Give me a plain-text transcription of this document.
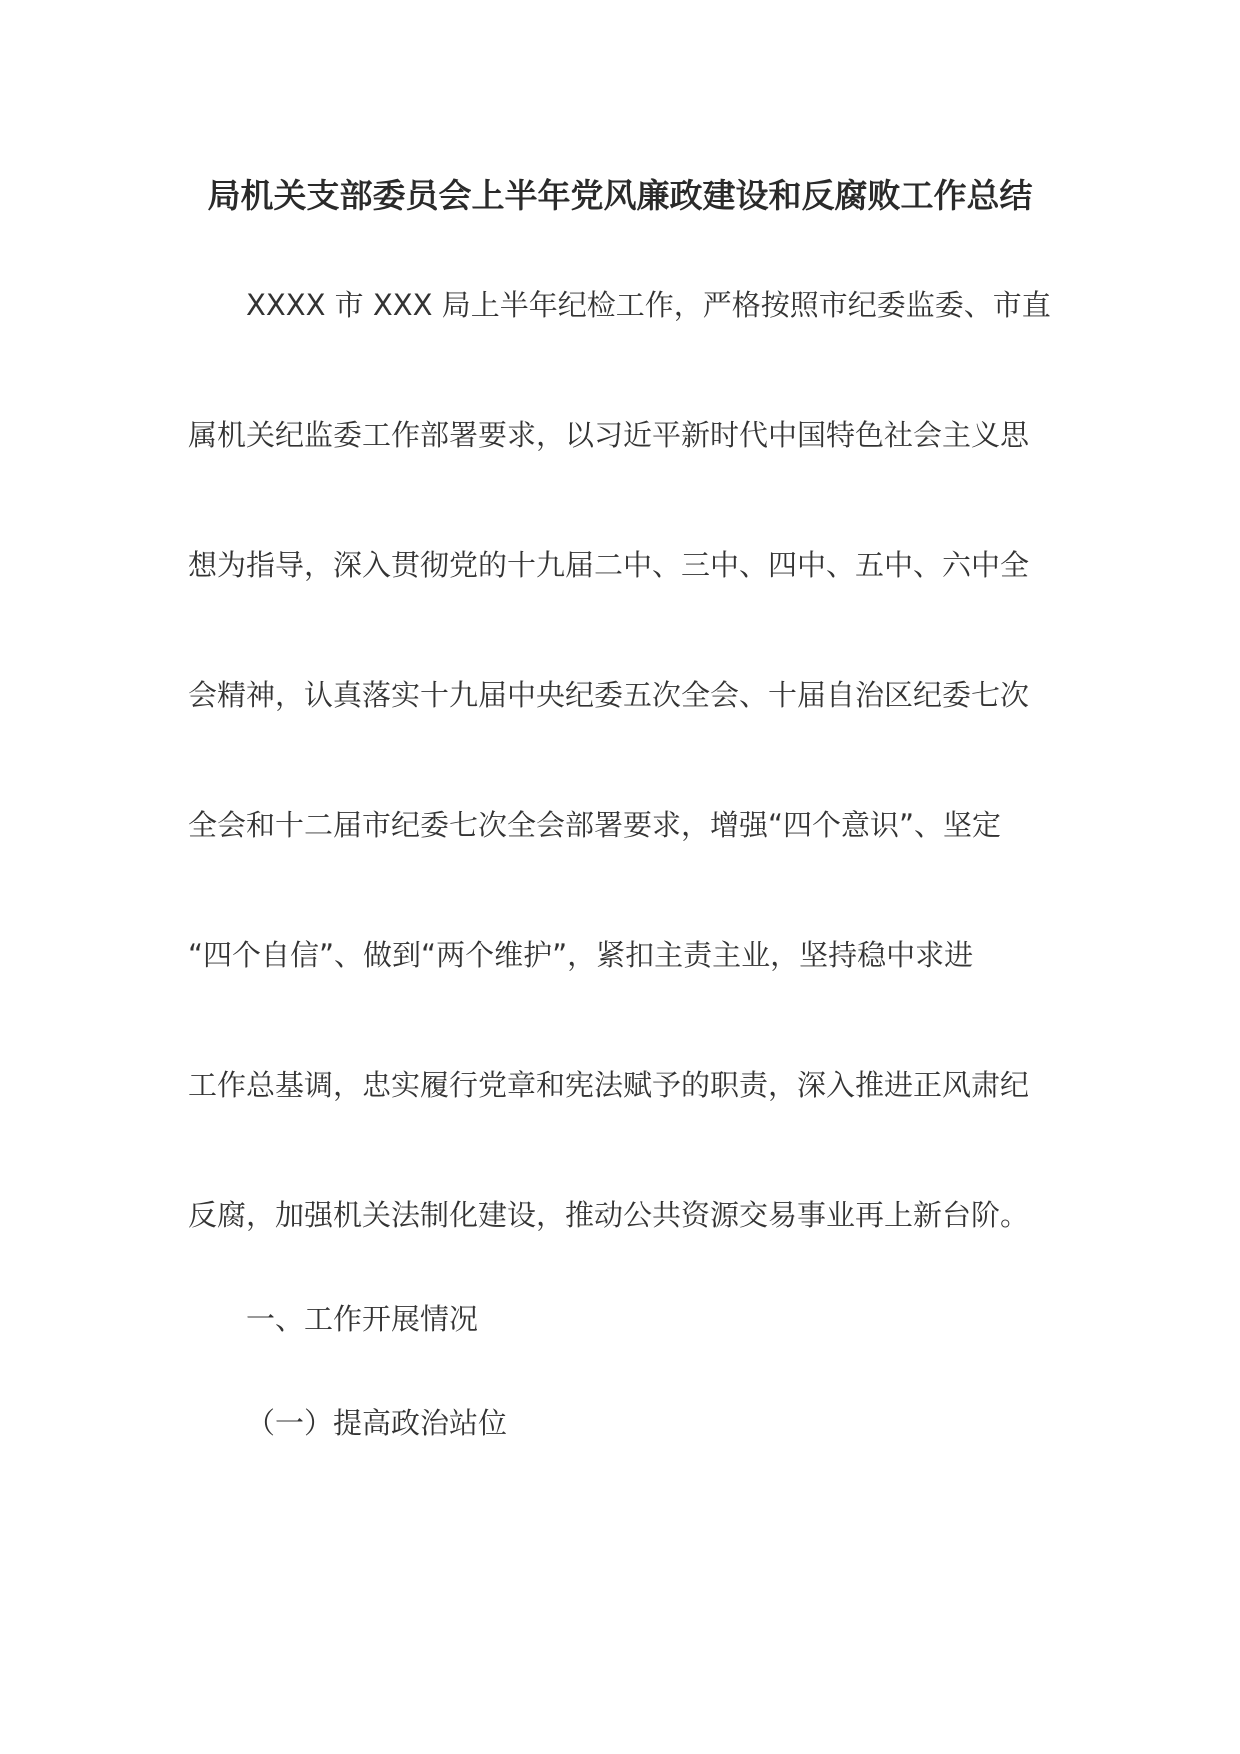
局机关支部委员会上半年党风廉政建设和反腐败工作总结
XXXX 市 XXX 局上半年纪检工作，严格按照市纪委监委、市直
属机关纪监委工作部署要求，以习近平新时代中国特色社会主义思
想为指导，深入贯彻党的十九届二中、三中、四中、五中、六中全
会精神，认真落实十九届中央纪委五次全会、十届自治区纪委七次
全会和十二届市纪委七次全会部署要求，增强“四个意识”、坚定
“四个自信”、做到“两个维护”，紧扣主责主业，坚持稳中求进
工作总基调，忠实履行党章和宪法赋予的职责，深入推进正风肃纪
反腐，加强机关法制化建设，推动公共资源交易事业再上新台阶。
一、工作开展情况
（一）提高政治站位
